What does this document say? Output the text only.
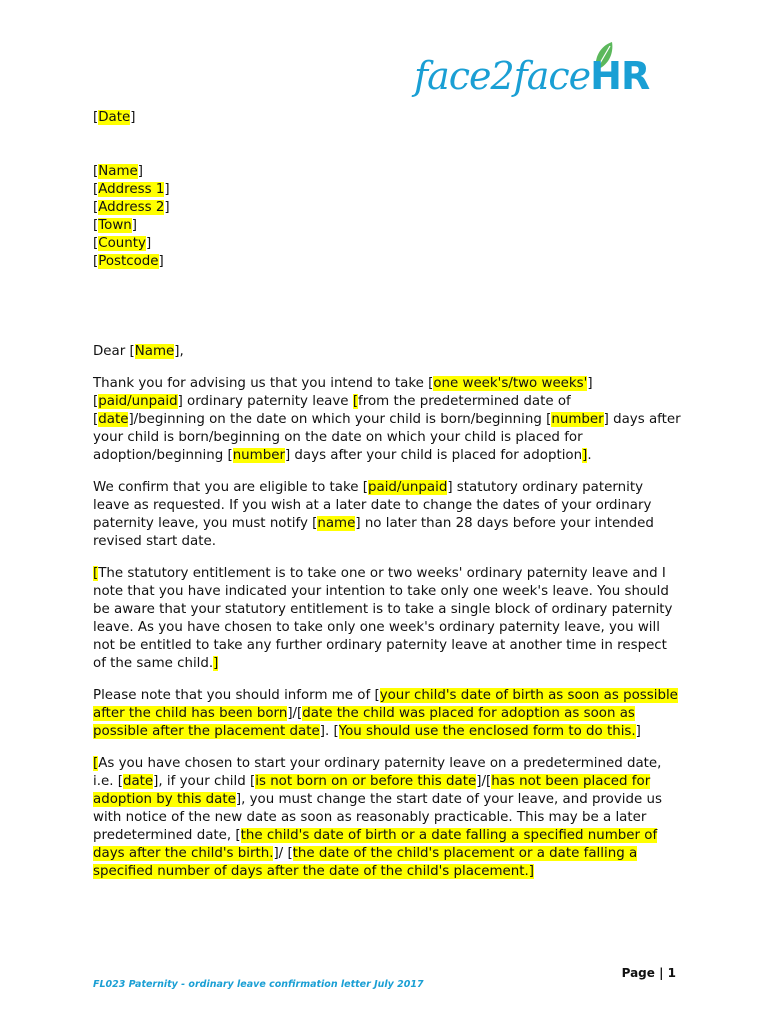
face2faceHR
[Date]
[Name]
[Address 1]
[Address 2]
[Town]
[County]
[Postcode]

Dear [Name],

Thank you for advising us that you intend to take [one week's/two weeks'] [paid/unpaid] ordinary paternity leave [from the predetermined date of [date]/beginning on the date on which your child is born/beginning [number] days after your child is born/beginning on the date on which your child is placed for adoption/beginning [number] days after your child is placed for adoption].

We confirm that you are eligible to take [paid/unpaid] statutory ordinary paternity leave as requested. If you wish at a later date to change the dates of your ordinary paternity leave, you must notify [name] no later than 28 days before your intended revised start date.

[The statutory entitlement is to take one or two weeks' ordinary paternity leave and I note that you have indicated your intention to take only one week's leave. You should be aware that your statutory entitlement is to take a single block of ordinary paternity leave. As you have chosen to take only one week's ordinary paternity leave, you will not be entitled to take any further ordinary paternity leave at another time in respect of the same child.]

Please note that you should inform me of [your child's date of birth as soon as possible after the child has been born]/[date the child was placed for adoption as soon as possible after the placement date]. [You should use the enclosed form to do this.]

[As you have chosen to start your ordinary paternity leave on a predetermined date, i.e. [date], if your child [is not born on or before this date]/[has not been placed for adoption by this date], you must change the start date of your leave, and provide us with notice of the new date as soon as reasonably practicable. This may be a later predetermined date, [the child's date of birth or a date falling a specified number of days after the child's birth.]/ [the date of the child's placement or a date falling a specified number of days after the date of the child's placement.]

Page | 1
FL023 Paternity - ordinary leave confirmation letter July 2017
